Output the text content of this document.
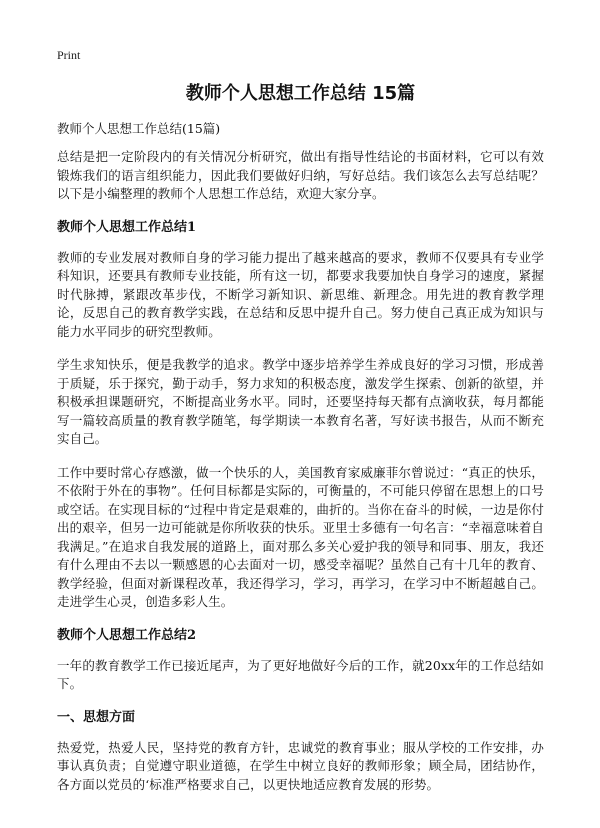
Print
教师个人思想工作总结 15篇
教师个人思想工作总结(15篇)

总结是把一定阶段内的有关情况分析研究，做出有指导性结论的书面材料，它可以有效锻炼我们的语言组织能力，因此我们要做好归纳，写好总结。我们该怎么去写总结呢？以下是小编整理的教师个人思想工作总结，欢迎大家分享。

教师个人思想工作总结1

教师的专业发展对教师自身的学习能力提出了越来越高的要求，教师不仅要具有专业学科知识，还要具有教师专业技能，所有这一切，都要求我要加快自身学习的速度，紧握时代脉搏，紧跟改革步伐，不断学习新知识、新思维、新理念。用先进的教育教学理论，反思自己的教育教学实践，在总结和反思中提升自己。努力使自己真正成为知识与能力水平同步的研究型教师。

学生求知快乐，便是我教学的追求。教学中逐步培养学生养成良好的学习习惯，形成善于质疑，乐于探究，勤于动手，努力求知的积极态度，激发学生探索、创新的欲望，并积极承担课题研究，不断提高业务水平。同时，还要坚持每天都有点滴收获，每月都能写一篇较高质量的教育教学随笔，每学期读一本教育名著，写好读书报告，从而不断充实自己。

工作中要时常心存感激，做一个快乐的人，美国教育家威廉菲尔曾说过：“真正的快乐，不依附于外在的事物”。任何目标都是实际的，可衡量的，不可能只停留在思想上的口号或空话。在实现目标的“过程中肯定是艰难的，曲折的。当你在奋斗的时候，一边是你付出的艰辛，但另一边可能就是你所收获的快乐。亚里士多德有一句名言：“幸福意味着自我满足。”在追求自我发展的道路上，面对那么多关心爱护我的领导和同事、朋友，我还有什么理由不去以一颗感恩的心去面对一切，感受幸福呢？虽然自己有十几年的教育、教学经验，但面对新课程改革，我还得学习，学习，再学习，在学习中不断超越自己。走进学生心灵，创造多彩人生。

教师个人思想工作总结2

一年的教育教学工作已接近尾声，为了更好地做好今后的工作，就20xx年的工作总结如下。

一、思想方面

热爱党，热爱人民，坚持党的教育方针，忠诚党的教育事业；服从学校的工作安排，办事认真负责；自觉遵守职业道德，在学生中树立良好的教师形象；顾全局，团结协作，各方面以党员的‘标准严格要求自己，以更快地适应教育发展的形势。
